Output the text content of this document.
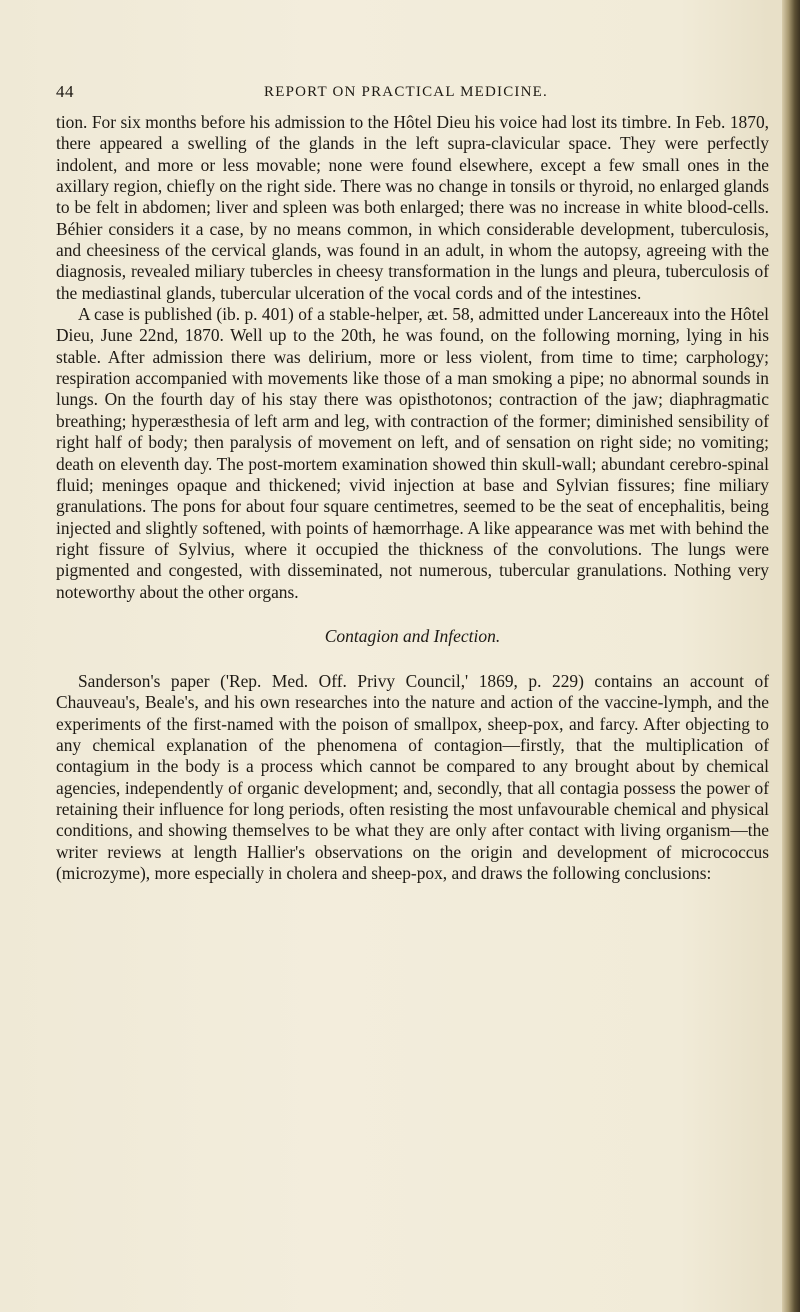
44	REPORT ON PRACTICAL MEDICINE.

tion. For six months before his admission to the Hôtel Dieu his voice had lost its timbre. In Feb. 1870, there appeared a swelling of the glands in the left supra-clavicular space. They were perfectly indolent, and more or less movable; none were found elsewhere, except a few small ones in the axillary region, chiefly on the right side. There was no change in tonsils or thyroid, no enlarged glands to be felt in abdomen; liver and spleen was both enlarged; there was no increase in white blood-cells. Béhier considers it a case, by no means common, in which considerable development, tuberculosis, and cheesiness of the cervical glands, was found in an adult, in whom the autopsy, agreeing with the diagnosis, revealed miliary tubercles in cheesy transformation in the lungs and pleura, tuberculosis of the mediastinal glands, tubercular ulceration of the vocal cords and of the intestines.

A case is published (ib. p. 401) of a stable-helper, æt. 58, admitted under Lancereaux into the Hôtel Dieu, June 22nd, 1870. Well up to the 20th, he was found, on the following morning, lying in his stable. After admission there was delirium, more or less violent, from time to time; carphology; respiration accompanied with movements like those of a man smoking a pipe; no abnormal sounds in lungs. On the fourth day of his stay there was opisthotonos; contraction of the jaw; diaphragmatic breathing; hyperæsthesia of left arm and leg, with contraction of the former; diminished sensibility of right half of body; then paralysis of movement on left, and of sensation on right side; no vomiting; death on eleventh day. The post-mortem examination showed thin skull-wall; abundant cerebro-spinal fluid; meninges opaque and thickened; vivid injection at base and Sylvian fissures; fine miliary granulations. The pons for about four square centimetres, seemed to be the seat of encephalitis, being injected and slightly softened, with points of hæmorrhage. A like appearance was met with behind the right fissure of Sylvius, where it occupied the thickness of the convolutions. The lungs were pigmented and congested, with disseminated, not numerous, tubercular granulations. Nothing very noteworthy about the other organs.

Contagion and Infection.

Sanderson's paper ('Rep. Med. Off. Privy Council,' 1869, p. 229) contains an account of Chauveau's, Beale's, and his own researches into the nature and action of the vaccine-lymph, and the experiments of the first-named with the poison of smallpox, sheep-pox, and farcy. After objecting to any chemical explanation of the phenomena of contagion—firstly, that the multiplication of contagium in the body is a process which cannot be compared to any brought about by chemical agencies, independently of organic development; and, secondly, that all contagia possess the power of retaining their influence for long periods, often resisting the most unfavourable chemical and physical conditions, and showing themselves to be what they are only after contact with living organism—the writer reviews at length Hallier's observations on the origin and development of micrococcus (microzyme), more especially in cholera and sheep-pox, and draws the following conclusions:
